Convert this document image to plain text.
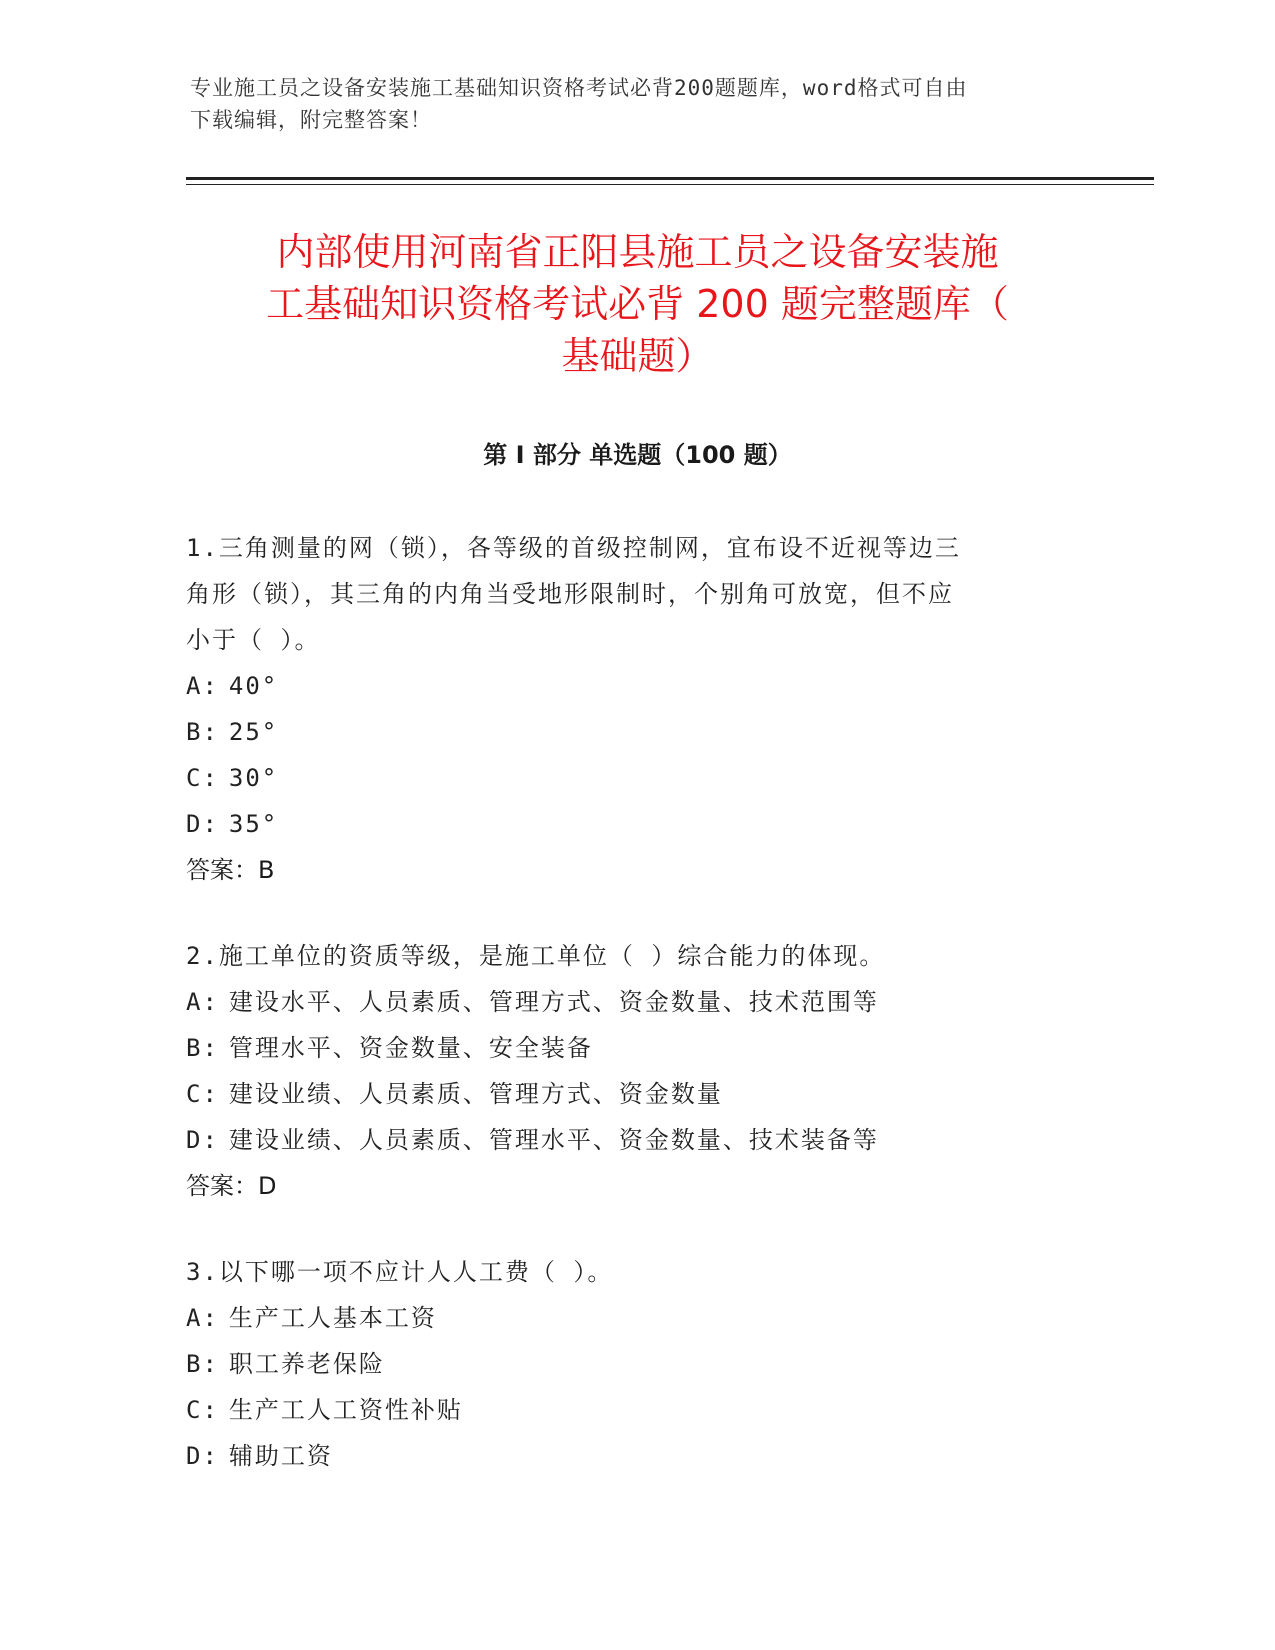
专业施工员之设备安装施工基础知识资格考试必背200题题库，word格式可自由
下载编辑，附完整答案！
内部使用河南省正阳县施工员之设备安装施
工基础知识资格考试必背 200 题完整题库（
基础题）
第 I 部分 单选题（100 题）

1.三角测量的网（锁），各等级的首级控制网，宜布设不近视等边三

角形（锁），其三角的内角当受地形限制时，个别角可放宽，但不应

小于（ ）。

A: 40°

B: 25°

C: 30°

D: 35°

答案：B

2.施工单位的资质等级，是施工单位（ ）综合能力的体现。

A: 建设水平、人员素质、管理方式、资金数量、技术范围等

B: 管理水平、资金数量、安全装备

C: 建设业绩、人员素质、管理方式、资金数量

D: 建设业绩、人员素质、管理水平、资金数量、技术装备等

答案：D

3.以下哪一项不应计人人工费（ ）。

A: 生产工人基本工资

B: 职工养老保险

C: 生产工人工资性补贴

D: 辅助工资
